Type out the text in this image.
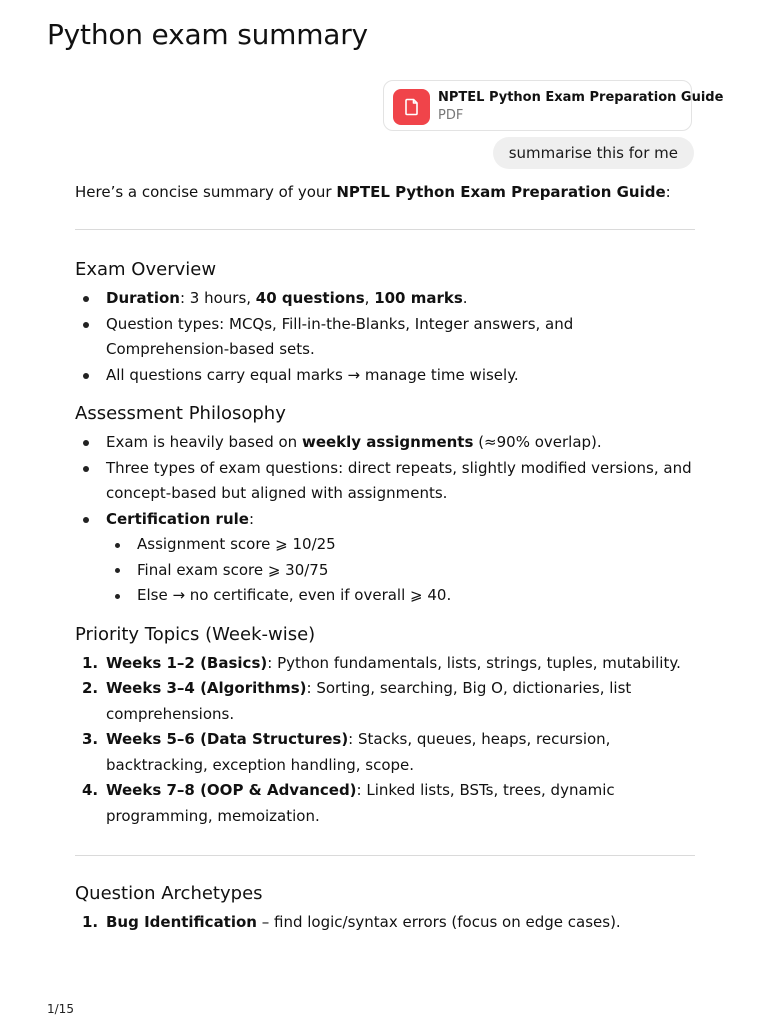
Python exam summary
NPTEL Python Exam Preparation Guide
PDF
summarise this for me

Here’s a concise summary of your NPTEL Python Exam Preparation Guide:

Exam Overview
Duration: 3 hours, 40 questions, 100 marks.
Question types: MCQs, Fill-in-the-Blanks, Integer answers, and Comprehension-based sets.
All questions carry equal marks → manage time wisely.
Assessment Philosophy
Exam is heavily based on weekly assignments (≈90% overlap).
Three types of exam questions: direct repeats, slightly modified versions, and concept-based but aligned with assignments.
Certification rule:
Assignment score ⩾ 10/25
Final exam score ⩾ 30/75
Else → no certificate, even if overall ⩾ 40.
Priority Topics (Week-wise)
1. Weeks 1–2 (Basics): Python fundamentals, lists, strings, tuples, mutability.
2. Weeks 3–4 (Algorithms): Sorting, searching, Big O, dictionaries, list comprehensions.
3. Weeks 5–6 (Data Structures): Stacks, queues, heaps, recursion, backtracking, exception handling, scope.
4. Weeks 7–8 (OOP & Advanced): Linked lists, BSTs, trees, dynamic programming, memoization.
Question Archetypes
1. Bug Identification – find logic/syntax errors (focus on edge cases).
1/15
